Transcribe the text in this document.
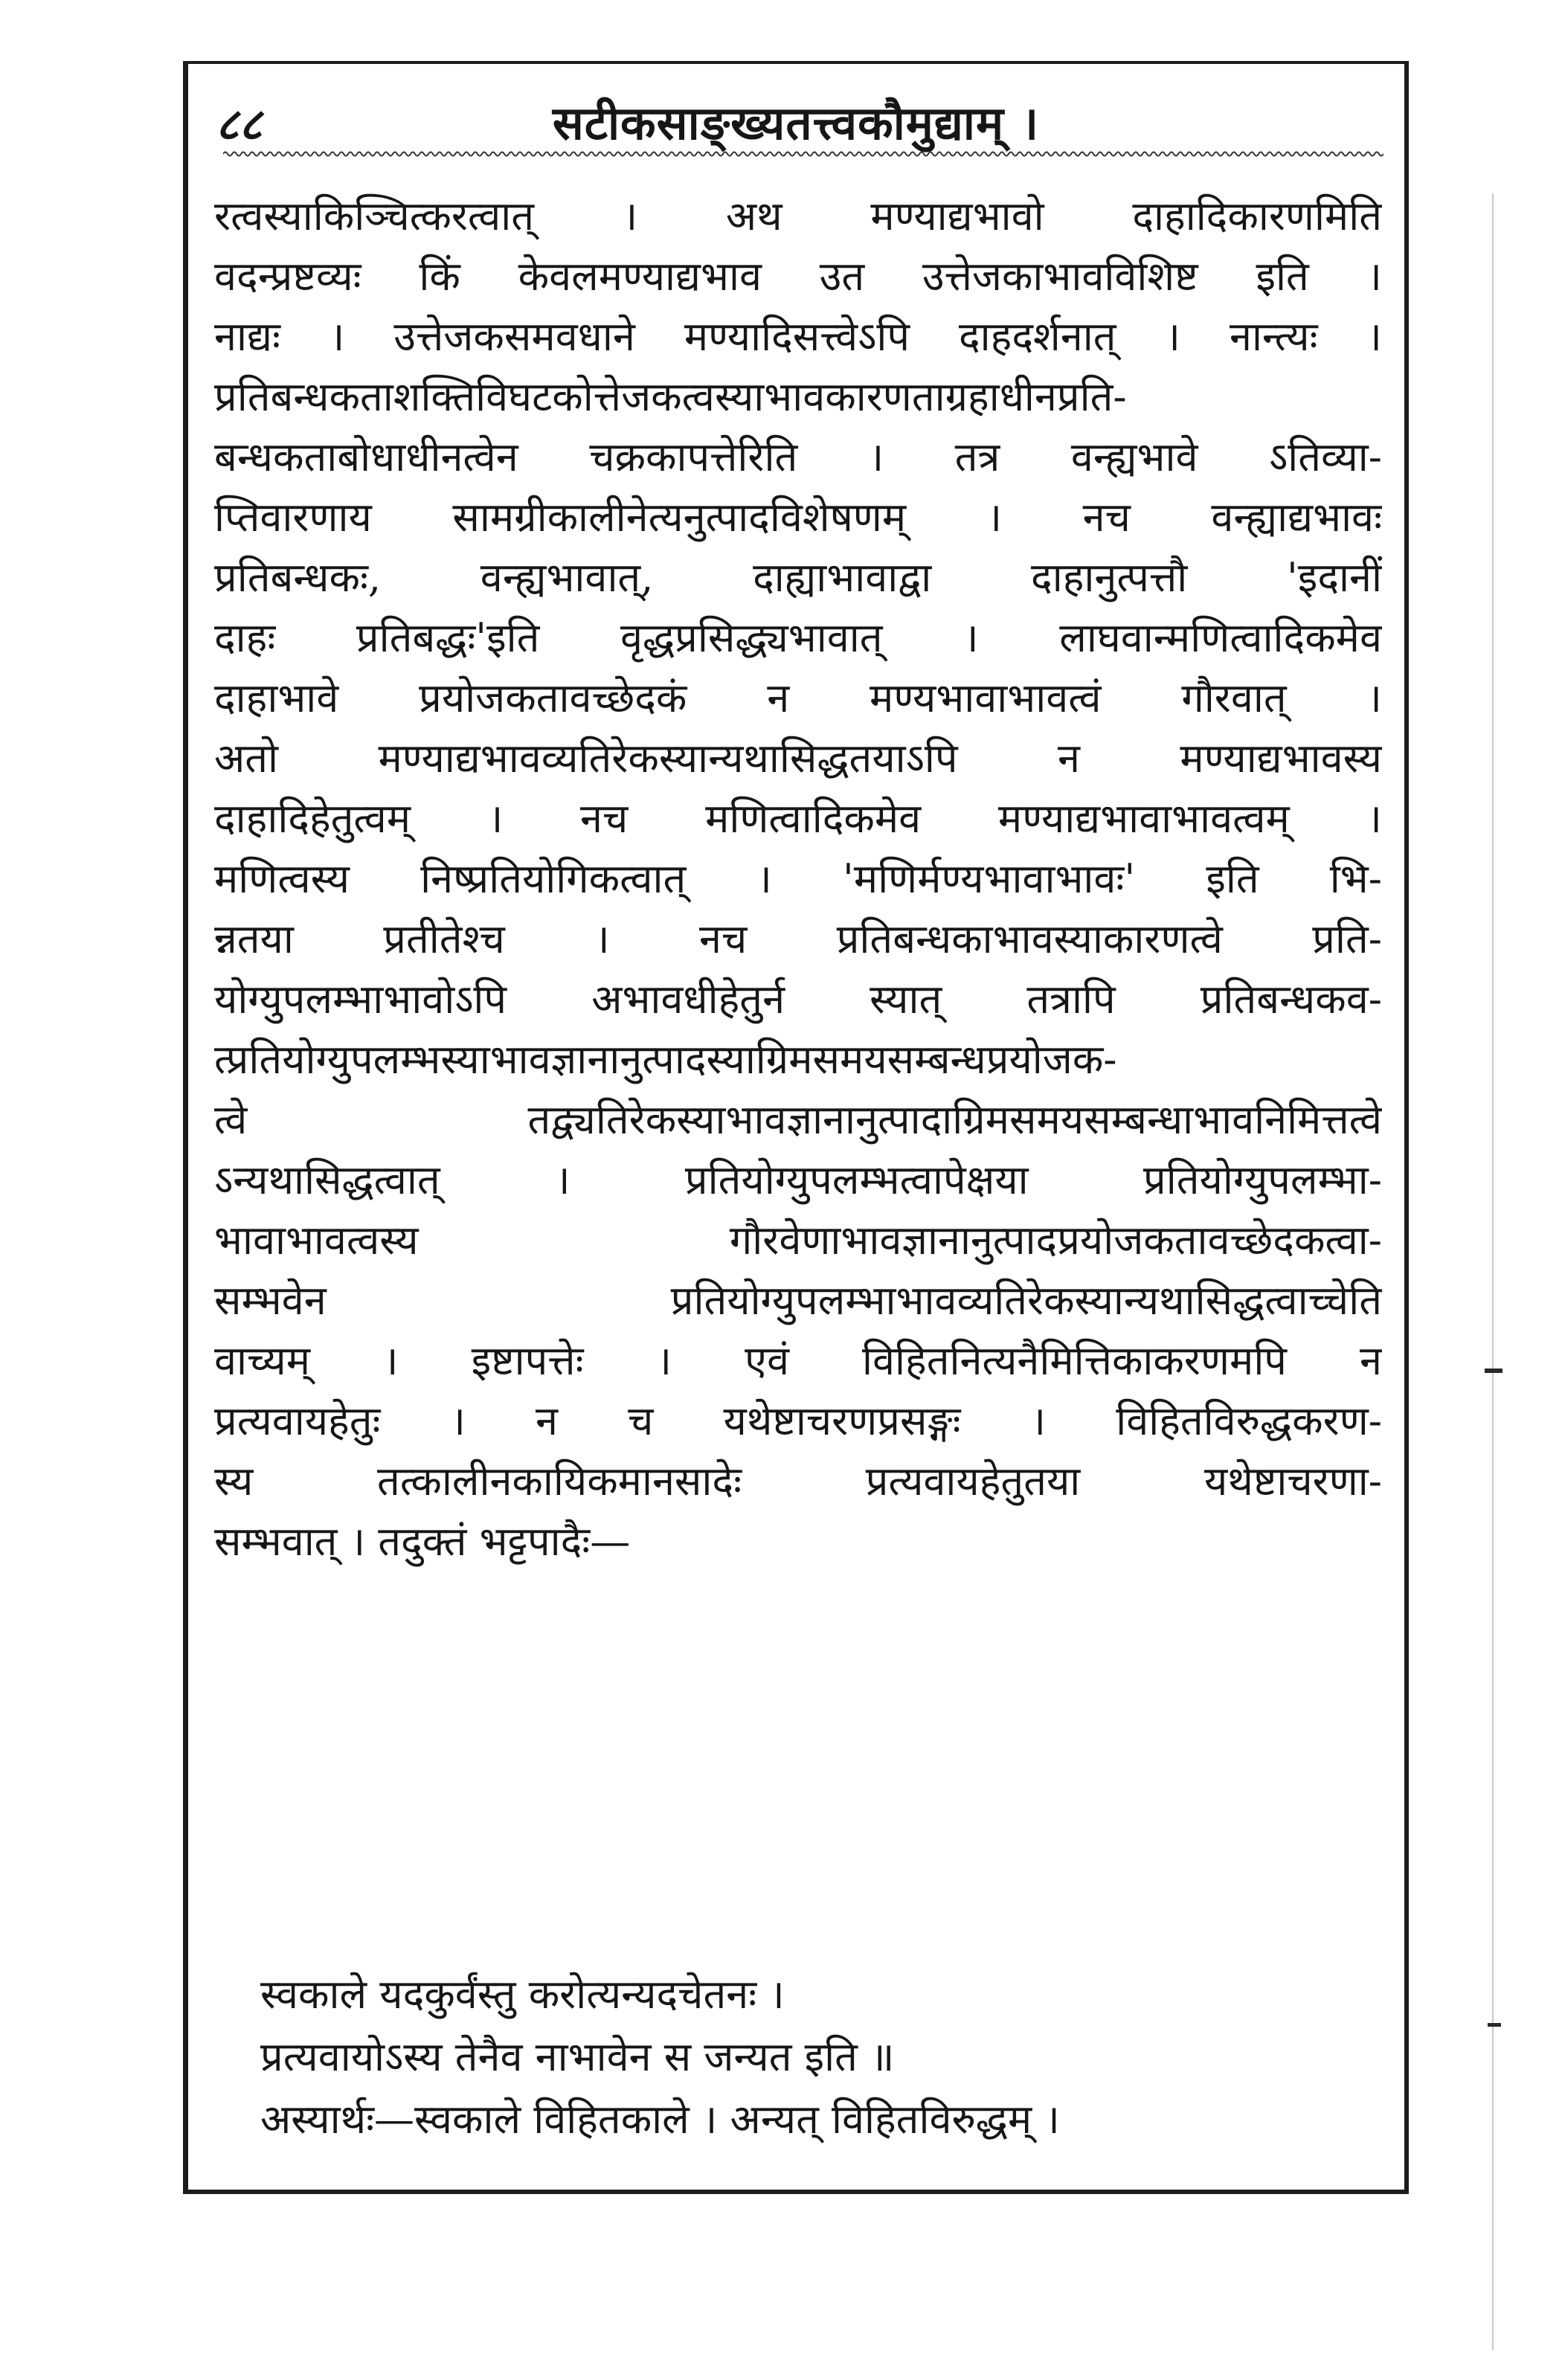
८८	सटीकसाङ्ख्यतत्त्वकौमुद्याम् ।
रत्वस्याकिञ्चित्करत्वात् । अथ मण्याद्यभावो दाहादिकारणमिति
वदन्प्रष्टव्यः किं केवलमण्याद्यभाव उत उत्तेजकाभावविशिष्ट इति ।
नाद्यः । उत्तेजकसमवधाने मण्यादिसत्त्वेऽपि दाहदर्शनात् । नान्त्यः ।
प्रतिबन्धकताशक्तिविघटकोत्तेजकत्वस्याभावकारणताग्रहाधीनप्रति-
बन्धकताबोधाधीनत्वेन चक्रकापत्तेरिति । तत्र वन्ह्यभावे ऽतिव्या-
प्तिवारणाय सामग्रीकालीनेत्यनुत्पादविशेषणम् । नच वन्ह्याद्यभावः
प्रतिबन्धकः, वन्ह्यभावात्, दाह्याभावाद्वा दाहानुत्पत्तौ 'इदानीं
दाहः प्रतिबद्धः'इति वृद्धप्रसिद्ध्यभावात् । लाघवान्मणित्वादिकमेव
दाहाभावे प्रयोजकतावच्छेदकं न मण्यभावाभावत्वं गौरवात् ।
अतो मण्याद्यभावव्यतिरेकस्यान्यथासिद्धतयाऽपि न मण्याद्यभावस्य
दाहादिहेतुत्वम् । नच मणित्वादिकमेव मण्याद्यभावाभावत्वम् ।
मणित्वस्य निष्प्रतियोगिकत्वात् । 'मणिर्मण्यभावाभावः' इति भि-
न्नतया प्रतीतेश्च । नच प्रतिबन्धकाभावस्याकारणत्वे प्रति-
योग्युपलम्भाभावोऽपि अभावधीहेतुर्न स्यात् तत्रापि प्रतिबन्धकव-
त्प्रतियोग्युपलम्भस्याभावज्ञानानुत्पादस्याग्रिमसमयसम्बन्धप्रयोजक-
त्वे तद्व्यतिरेकस्याभावज्ञानानुत्पादाग्रिमसमयसम्बन्धाभावनिमित्तत्वे
ऽन्यथासिद्धत्वात् । प्रतियोग्युपलम्भत्वापेक्षया प्रतियोग्युपलम्भा-
भावाभावत्वस्य गौरवेणाभावज्ञानानुत्पादप्रयोजकतावच्छेदकत्वा-
सम्भवेन प्रतियोग्युपलम्भाभावव्यतिरेकस्यान्यथासिद्धत्वाच्चेति
वाच्यम् । इष्टापत्तेः । एवं विहितनित्यनैमित्तिकाकरणमपि न
प्रत्यवायहेतुः । न च यथेष्टाचरणप्रसङ्गः । विहितविरुद्धकरण-
स्य तत्कालीनकायिकमानसादेः प्रत्यवायहेतुतया यथेष्टाचरणा-
सम्भवात् । तदुक्तं भट्टपादैः—
स्वकाले यदकुर्वंस्तु करोत्यन्यदचेतनः ।
प्रत्यवायोऽस्य तेनैव नाभावेन स जन्यत इति ॥
अस्यार्थः—स्वकाले विहितकाले । अन्यत् विहितविरुद्धम् ।
